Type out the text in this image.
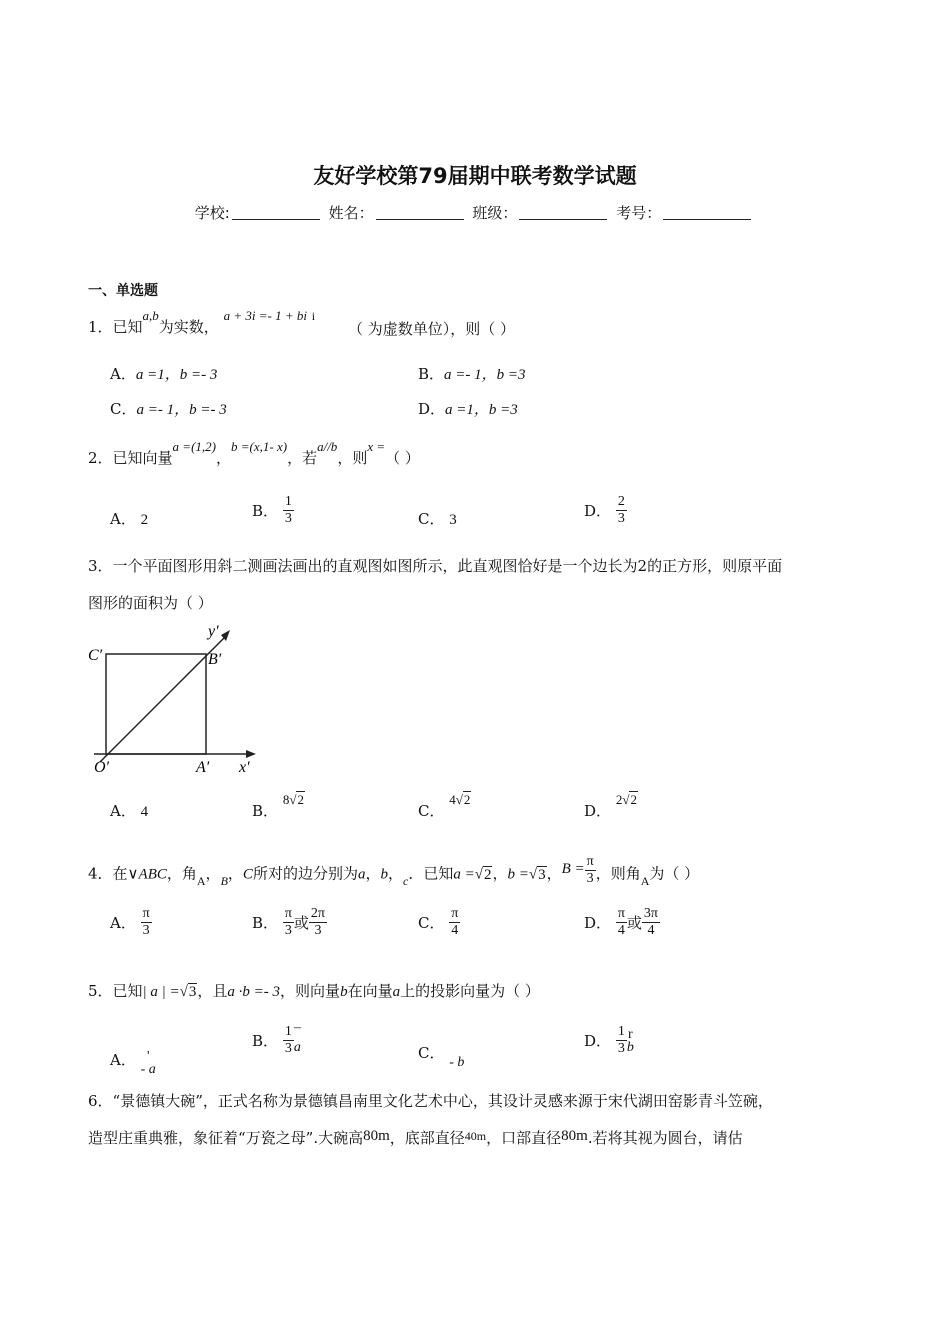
友好学校第79届期中联考数学试题
学校:	姓名：	班级：	考号：
一、单选题
1．已知a,b为实数， a + 3i =- 1 + bi $^i$
（ 为虚数单位），则（ ）
A．a =1，b =- 3	B．a =- 1，b =3
C．a =- 1，b =- 3	D．a =1，b =3
2．已知向量a =(1,2)，b =(x,1- x)，若a//b，则x =（ ）
A． 2	B． $\frac{1}{3}$	C． 3	D． $\frac{2}{3}$
3．一个平面图形用斜二测画法画出的直观图如图所示，此直观图恰好是一个边长为2的正方形，则原平面
图形的面积为（ ）
C′	B′
O′	A′ x′
y′
A． 4	B． 8√2
C． 4√2
D． 2√2
4．在∨ABC，角$_A$，$_B$，C所对的边分别为a，b，$_c$．已知a =√2，b =√3，$B = \frac{\pi}{3}$ ，则角$_A$为（ ）
A． $\frac{\pi}{3}$	B． $\frac{\pi}{3}$ 或 $\frac{2\pi}{3}$	C． $\frac{\pi}{4}$	D． $\frac{\pi}{4}$ 或 $\frac{3\pi}{4}$
5．已知| a | =√3，且a ·b =- 3，则向量b在向量a上的投影向量为（ ）
A． '
- a
B． $\frac{1}{3}$ ¯
a	C． - b
D． $\frac{1}{3}$ r
b
6．“景德镇大碗”，正式名称为景德镇昌南里文化艺术中心，其设计灵感来源于宋代湖田窑影青斗笠碗，
造型庄重典雅，象征着“万瓷之母”.大碗高80m，底部直径$^{40m}$，口部直径80m.若将其视为圆台，请估
